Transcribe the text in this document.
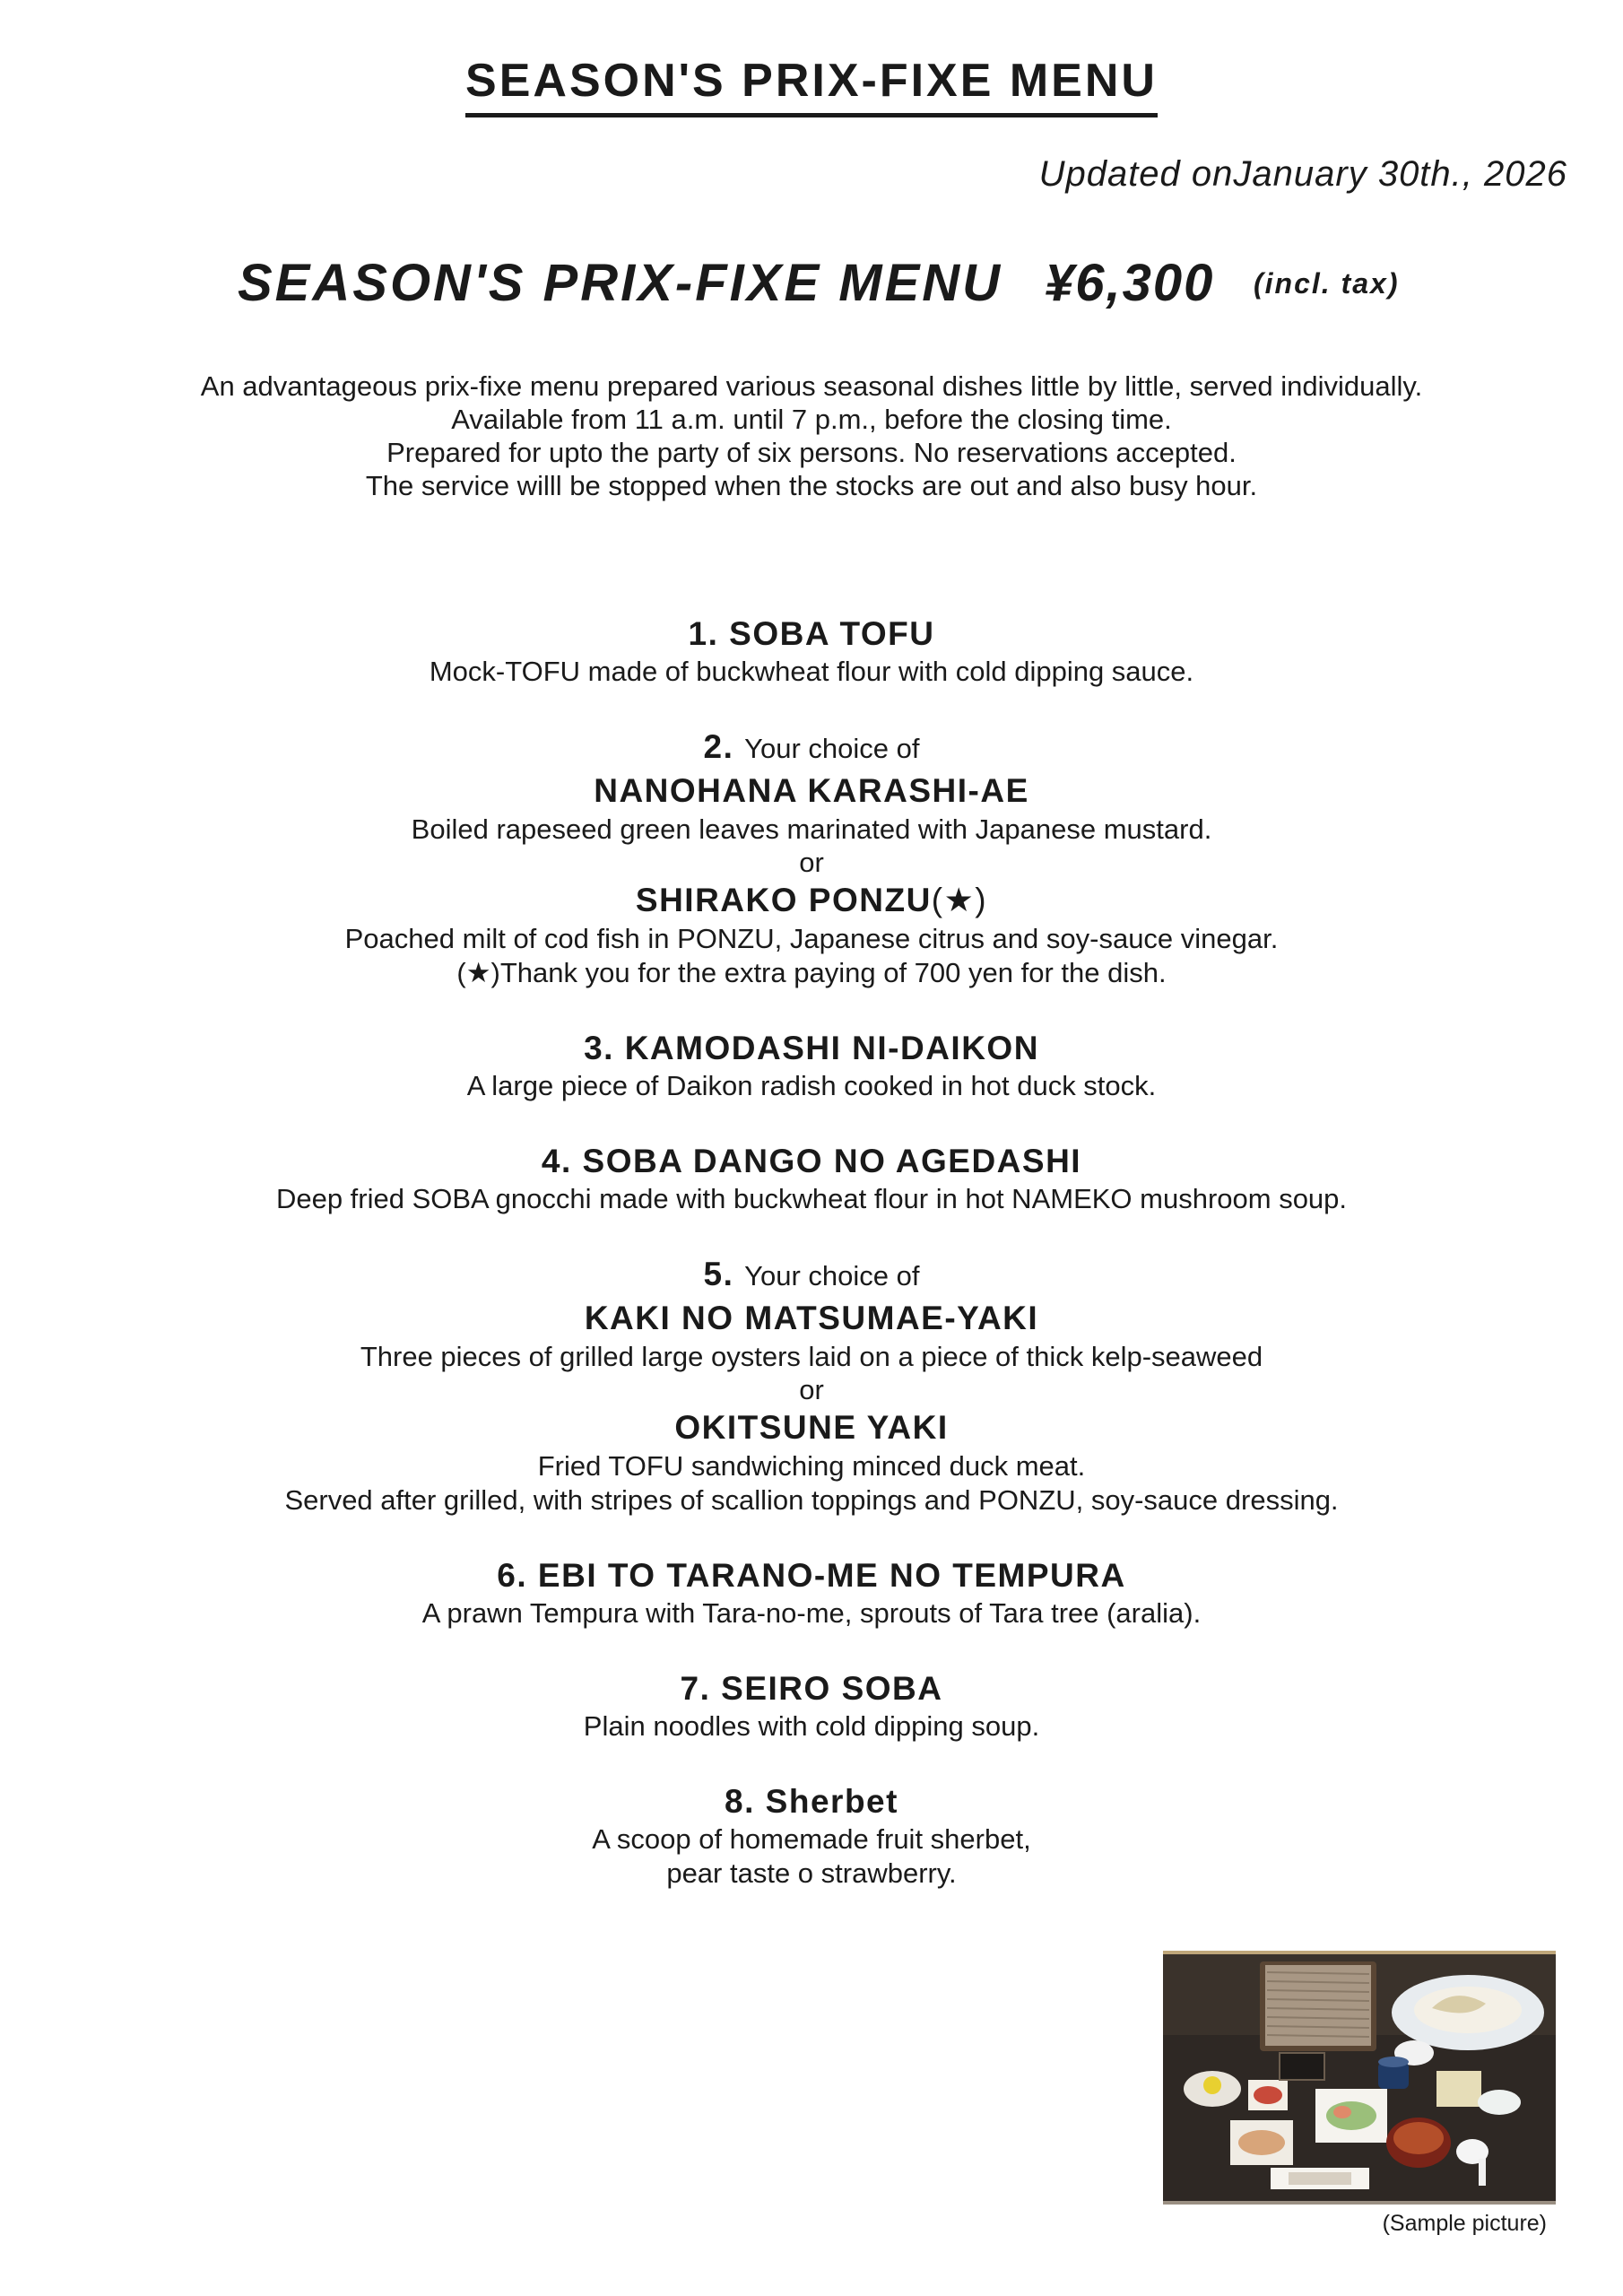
SEASON'S PRIX-FIXE MENU
Updated onJanuary 30th., 2026
SEASON'S PRIX-FIXE MENU ¥6,300 (incl. tax)
An advantageous prix-fixe menu prepared various seasonal dishes little by little, served individually.
Available from 11 a.m. until 7 p.m., before the closing time.
Prepared for upto the party of six persons. No reservations accepted.
The service willl be stopped when the stocks are out and also busy hour.
1. SOBA TOFU
Mock-TOFU made of buckwheat flour with cold dipping sauce.
2. Your choice of
NANOHANA KARASHI-AE
Boiled rapeseed green leaves marinated with Japanese mustard.
or
SHIRAKO PONZU(★)
Poached milt of cod fish in PONZU, Japanese citrus and soy-sauce vinegar.
(★)Thank you for the extra paying of 700 yen for the dish.
3. KAMODASHI NI-DAIKON
A large piece of Daikon radish cooked in hot duck stock.
4. SOBA DANGO NO AGEDASHI
Deep fried SOBA gnocchi made with buckwheat flour in hot NAMEKO mushroom soup.
5. Your choice of
KAKI NO MATSUMAE-YAKI
Three pieces of grilled large oysters laid on a piece of thick kelp-seaweed
or
OKITSUNE YAKI
Fried TOFU sandwiching minced duck meat.
Served after grilled, with stripes of scallion toppings and PONZU, soy-sauce dressing.
6. EBI TO TARANO-ME NO TEMPURA
A prawn Tempura with Tara-no-me, sprouts of Tara tree (aralia).
7. SEIRO SOBA
Plain noodles with cold dipping soup.
8. Sherbet
A scoop of homemade fruit sherbet,
pear taste o strawberry.
(Sample picture)
